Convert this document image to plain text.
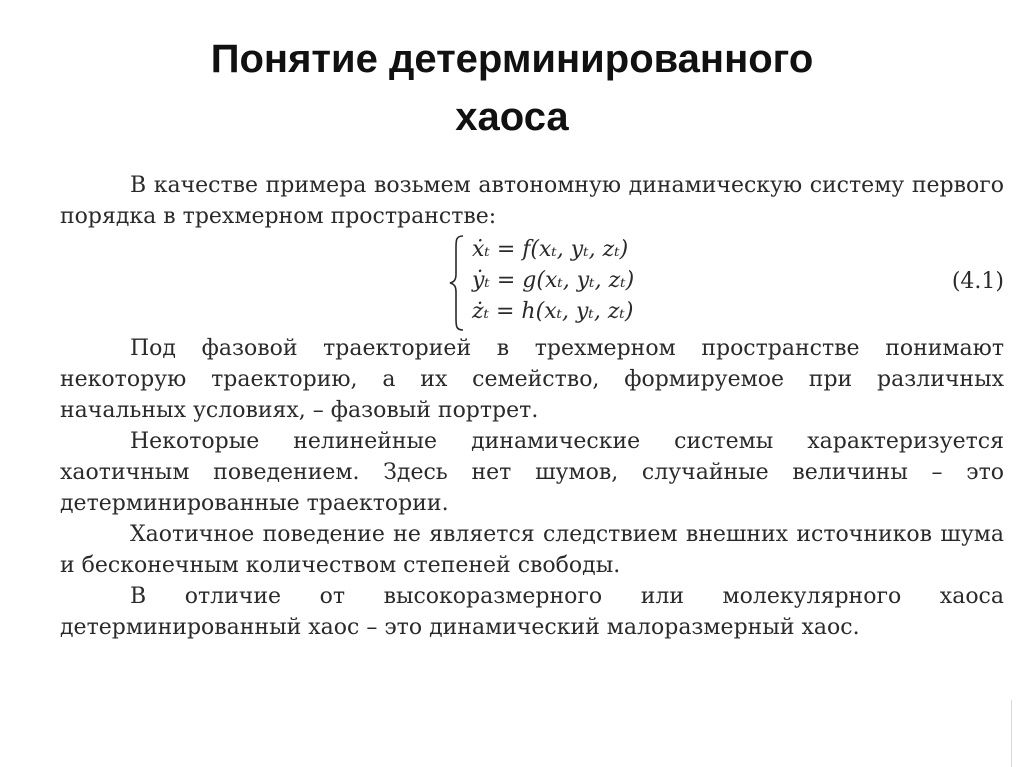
Понятие детерминированного
хаоса

В качестве примера возьмем автономную динамическую систему первого порядка в трехмерном пространстве:

ẋₜ = f(xₜ, yₜ, zₜ)
ẏₜ = g(xₜ, yₜ, zₜ)
żₜ = h(xₜ, yₜ, zₜ)
(4.1)

Под фазовой траекторией в трехмерном пространстве понимают некоторую траекторию, а их семейство, формируемое при различных начальных условиях, – фазовый портрет.

Некоторые нелинейные динамические системы характеризуется хаотичным поведением. Здесь нет шумов, случайные величины – это детерминированные траектории.

Хаотичное поведение не является следствием внешних источников шума и бесконечным количеством степеней свободы.

В отличие от высокоразмерного или молекулярного хаоса детерминированный хаос – это динамический малоразмерный хаос.
